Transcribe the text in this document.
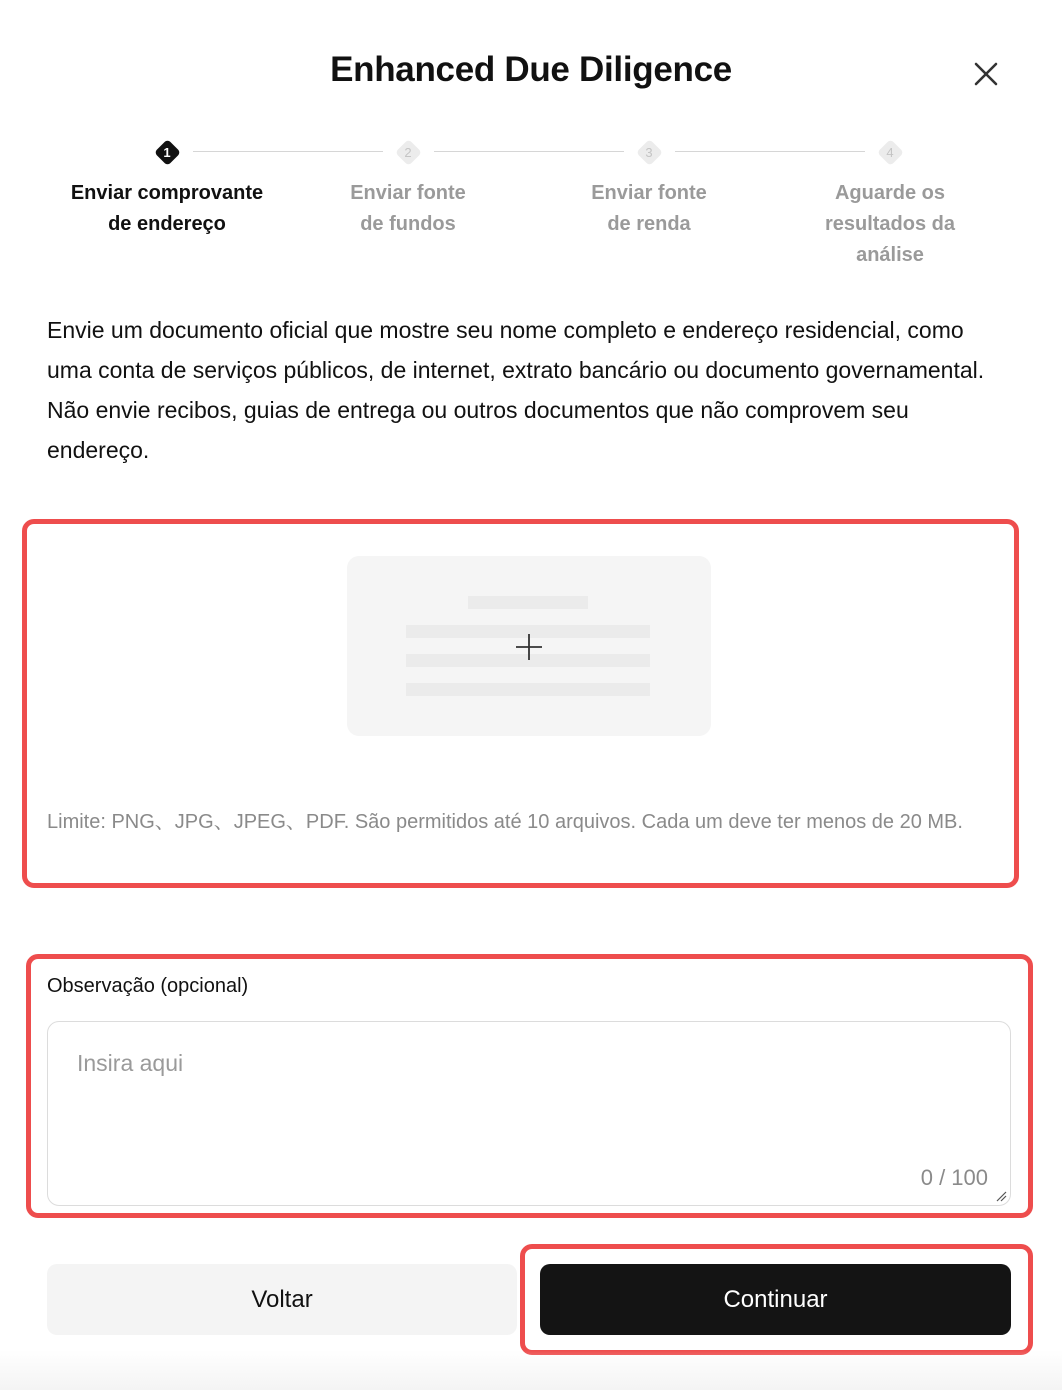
Enhanced Due Diligence
1
Enviar comprovante de endereço
2
Enviar fonte de fundos
3
Enviar fonte de renda
4
Aguarde os resultados da análise

Envie um documento oficial que mostre seu nome completo e endereço residencial, como uma conta de serviços públicos, de internet, extrato bancário ou documento governamental. Não envie recibos, guias de entrega ou outros documentos que não comprovem seu endereço.

Limite: PNG、JPG、JPEG、PDF. São permitidos até 10 arquivos. Cada um deve ter menos de 20 MB.

Observação (opcional)
Insira aqui
0 / 100
Voltar	Continuar
